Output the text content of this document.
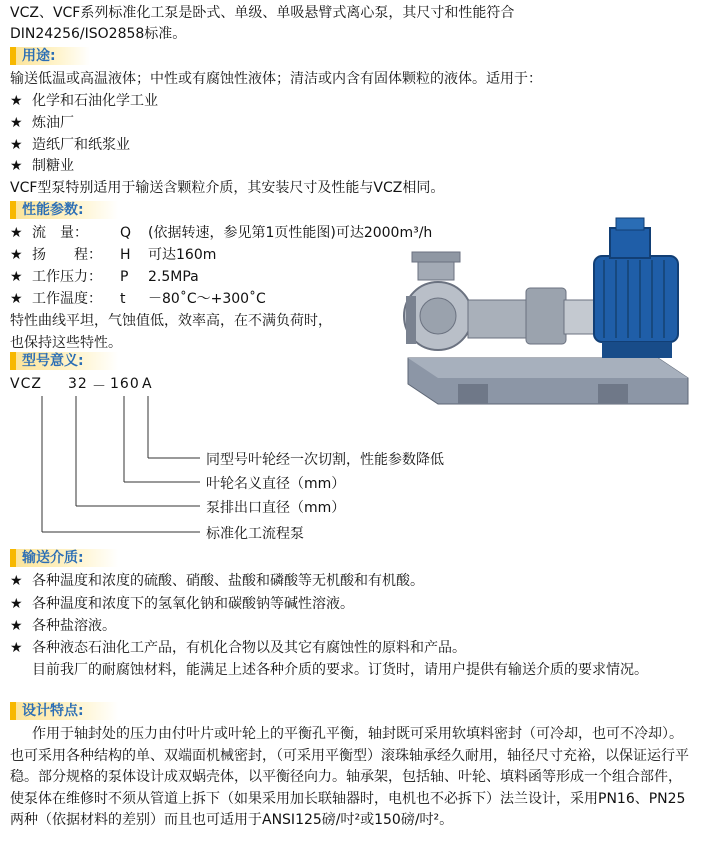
VCZ、VCF系列标准化工泵是卧式、单级、单吸悬臂式离心泵，其尺寸和性能符合
DIN24256/ISO2858标准。
用途:
输送低温或高温液体；中性或有腐蚀性液体；清洁或内含有固体颗粒的液体。适用于：
★ 化学和石油化学工业
★ 炼油厂
★ 造纸厂和纸浆业
★ 制糖业
VCF型泵特别适用于输送含颗粒介质，其安装尺寸及性能与VCZ相同。
性能参数:
★ 流　量： Q (依据转速，参见第1页性能图)可达2000m³/h
★ 扬　　程： H 可达160m
★ 工作压力： P 2.5MPa
★ 工作温度： t －80˚C～+300˚C
特性曲线平坦，气蚀值低，效率高，在不满负荷时，
也保持这些特性。
型号意义:
VCZ 32 － 160 A
同型号叶轮经一次切割，性能参数降低
叶轮名义直径（mm）
泵排出口直径（mm）
标准化工流程泵
输送介质:
★ 各种温度和浓度的硫酸、硝酸、盐酸和磷酸等无机酸和有机酸。
★ 各种温度和浓度下的氢氧化钠和碳酸钠等碱性溶液。
★ 各种盐溶液。
★ 各种液态石油化工产品，有机化合物以及其它有腐蚀性的原料和产品。
目前我厂的耐腐蚀材料，能满足上述各种介质的要求。订货时，请用户提供有输送介质的要求情况。
设计特点:
作用于轴封处的压力由付叶片或叶轮上的平衡孔平衡，轴封既可采用软填料密封（可冷却，也可不冷却）。也可采用各种结构的单、双端面机械密封，（可采用平衡型）滚珠轴承经久耐用，轴径尺寸充裕，以保证运行平稳。部分规格的泵体设计成双蜗壳体，以平衡径向力。轴承架，包括轴、叶轮、填料函等形成一个组合部件，使泵体在维修时不须从管道上拆下（如果采用加长联轴器时，电机也不必拆下）法兰设计，采用PN16、PN25两种（依据材料的差别）而且也可适用于ANSI125磅/吋²或150磅/吋²。
